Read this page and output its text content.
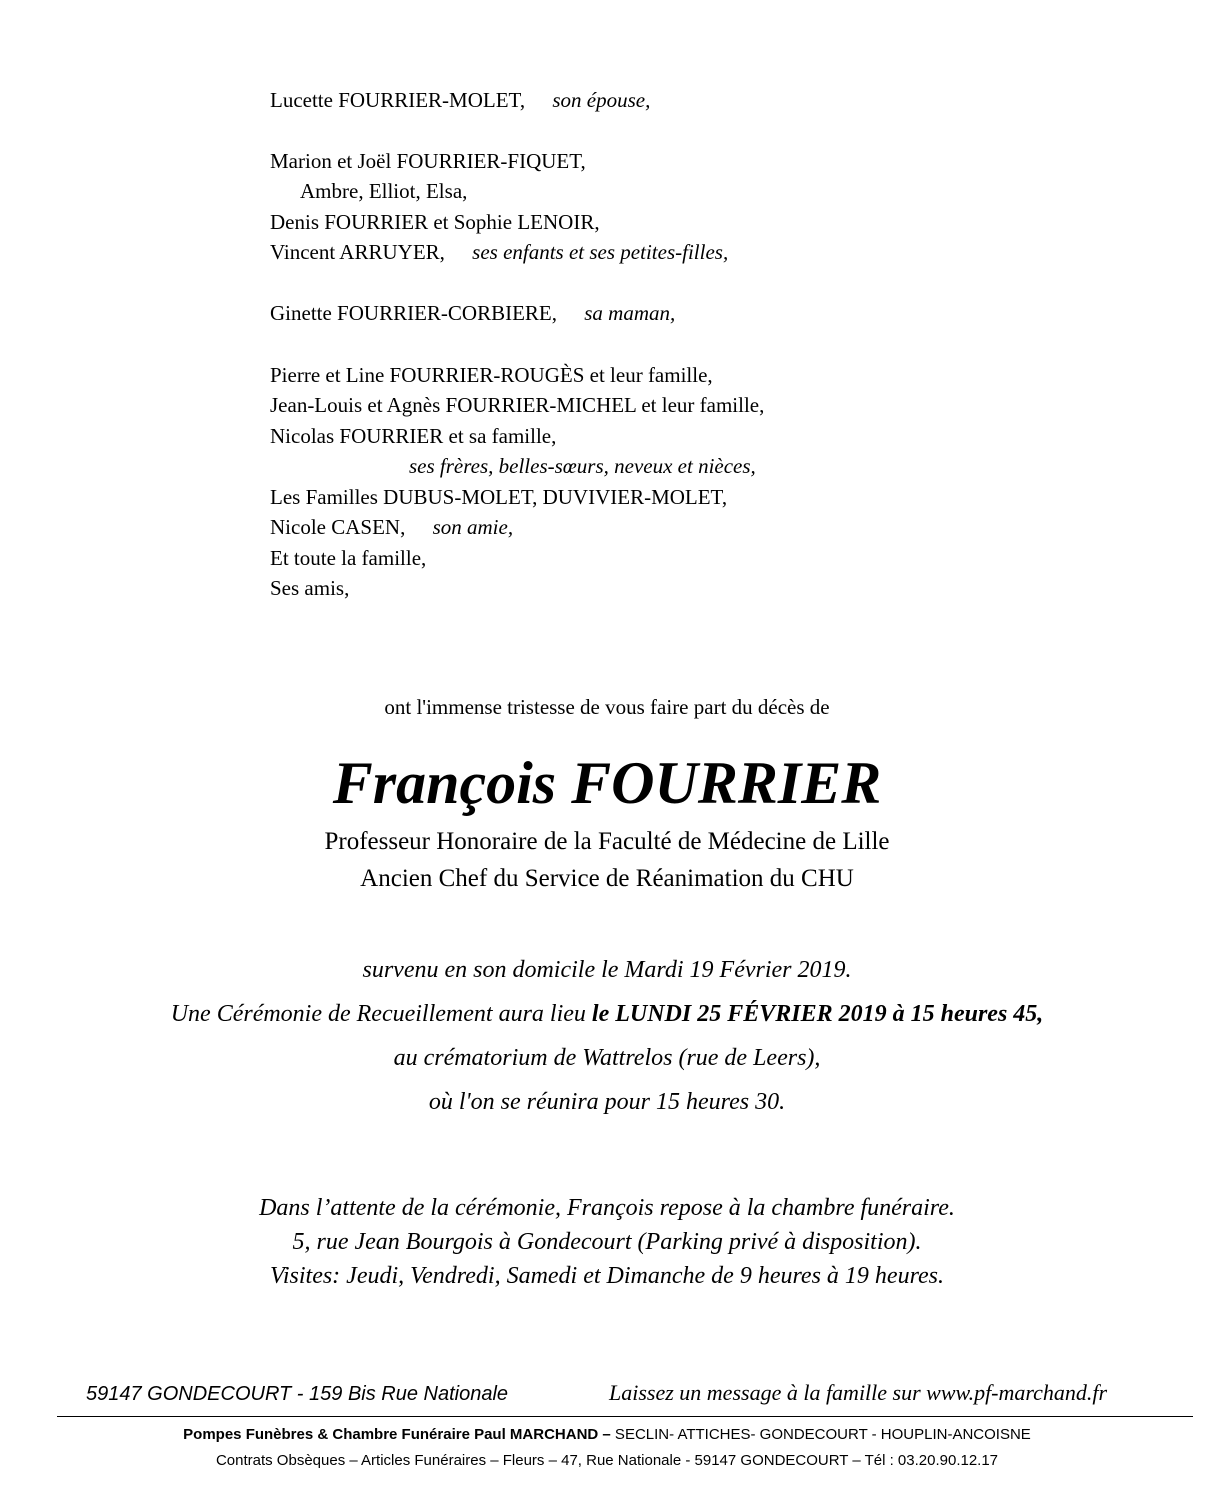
Lucette FOURRIER-MOLET, son épouse,
Marion et Joël FOURRIER-FIQUET,
Ambre, Elliot, Elsa,
Denis FOURRIER et Sophie LENOIR,
Vincent ARRUYER, ses enfants et ses petites-filles,
Ginette FOURRIER-CORBIERE, sa maman,
Pierre et Line FOURRIER-ROUGÈS et leur famille,
Jean-Louis et Agnès FOURRIER-MICHEL et leur famille,
Nicolas FOURRIER et sa famille,
ses frères, belles-sœurs, neveux et nièces,
Les Familles DUBUS-MOLET, DUVIVIER-MOLET,
Nicole CASEN, son amie,
Et toute la famille,
Ses amis,
ont l'immense tristesse de vous faire part du décès de
François FOURRIER
Professeur Honoraire de la Faculté de Médecine de Lille
Ancien Chef du Service de Réanimation du CHU
survenu en son domicile le Mardi 19 Février 2019.
Une Cérémonie de Recueillement aura lieu le LUNDI 25 FÉVRIER 2019 à 15 heures 45,
au crématorium de Wattrelos (rue de Leers),
où l'on se réunira pour 15 heures 30.
Dans l’attente de la cérémonie, François repose à la chambre funéraire.
5, rue Jean Bourgois à Gondecourt (Parking privé à disposition).
Visites: Jeudi, Vendredi, Samedi et Dimanche de 9 heures à 19 heures.
59147 GONDECOURT - 159 Bis Rue Nationale	Laissez un message à la famille sur www.pf-marchand.fr
Pompes Funèbres & Chambre Funéraire Paul MARCHAND – SECLIN- ATTICHES- GONDECOURT - HOUPLIN-ANCOISNE
Contrats Obsèques – Articles Funéraires – Fleurs – 47, Rue Nationale - 59147 GONDECOURT – Tél : 03.20.90.12.17
